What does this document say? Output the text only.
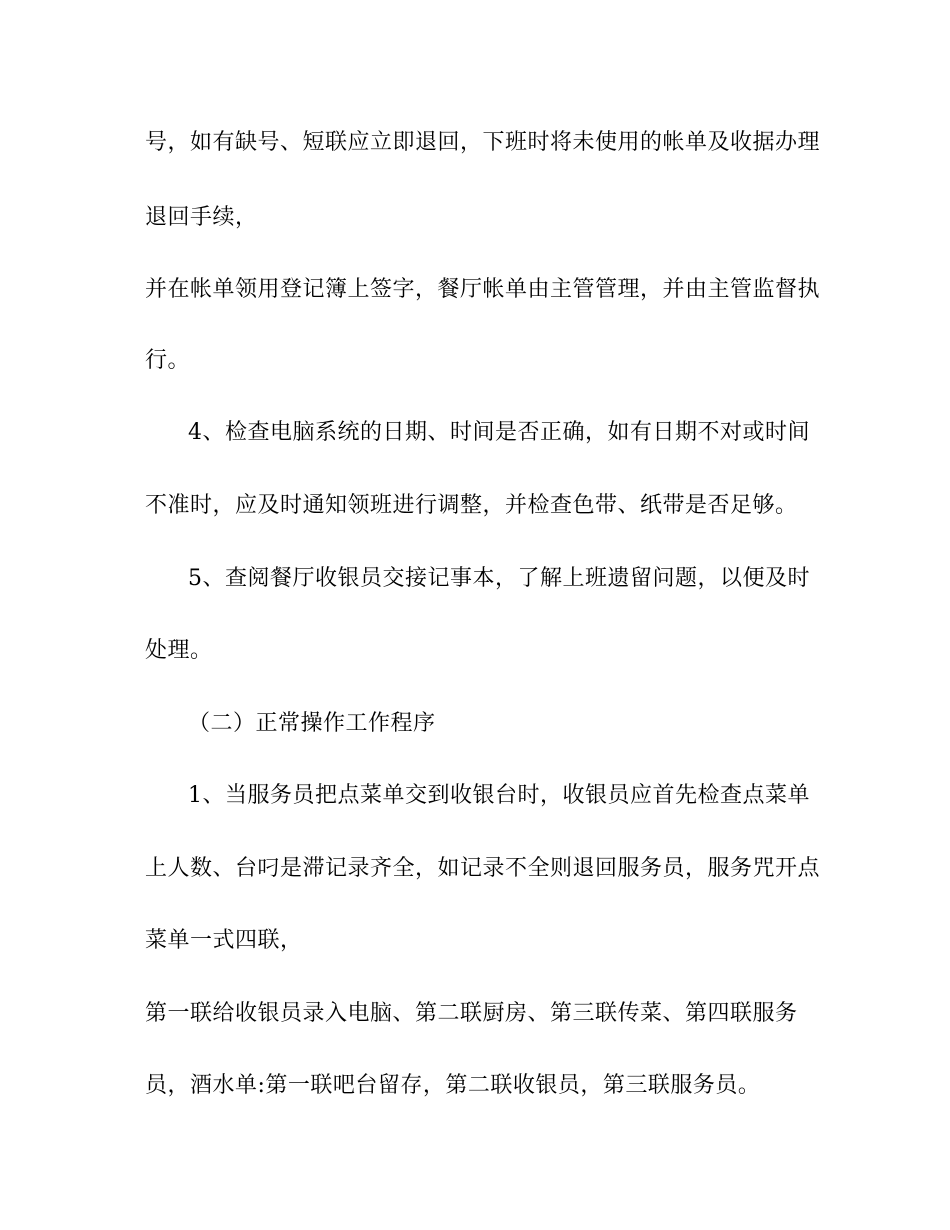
号，如有缺号、短联应立即退回，下班时将未使用的帐单及收据办理
退回手续，
并在帐单领用登记簿上签字，餐厅帐单由主管管理，并由主管监督执
行。
4、检查电脑系统的日期、时间是否正确，如有日期不对或时间
不准时，应及时通知领班进行调整，并检查色带、纸带是否足够。
5、查阅餐厅收银员交接记事本，了解上班遗留问题，以便及时
处理。
（二）正常操作工作程序
1、当服务员把点菜单交到收银台时，收银员应首先检查点菜单
上人数、台叼是滞记录齐全，如记录不全则退回服务员，服务咒开点
菜单一式四联，
第一联给收银员录入电脑、第二联厨房、第三联传菜、第四联服务
员，酒水单:第一联吧台留存，第二联收银员，第三联服务员。
